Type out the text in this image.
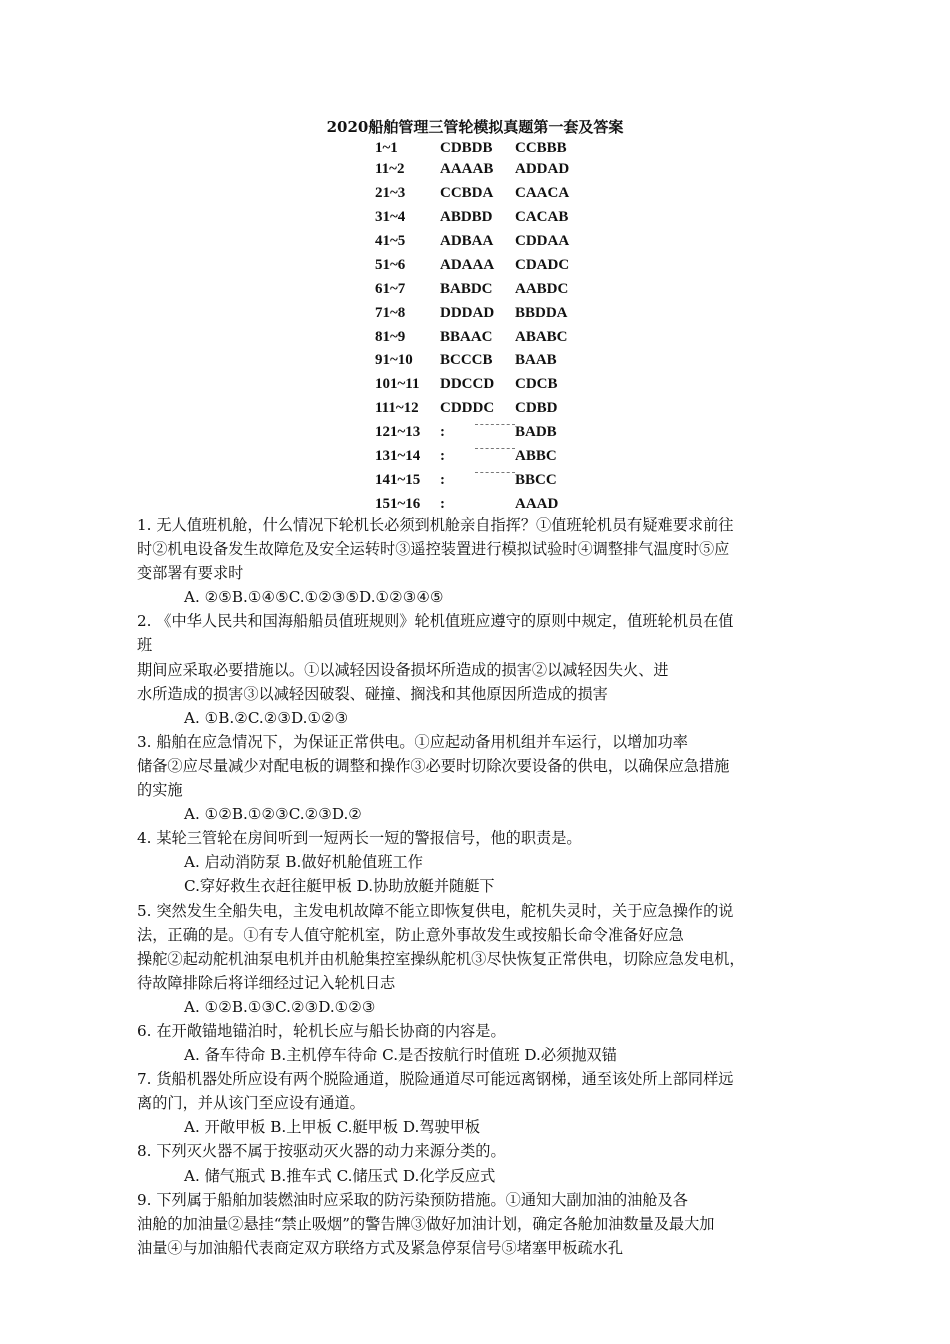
2020船舶管理三管轮模拟真题第一套及答案
1~1	CDBDB CCBBB
11~2 AAAAB ADDAD
21~3 CCBDA CAACA
31~4 ABDBD CACAB
41~5 ADBAA CDDAA
51~6 ADAAA CDADC
61~7 BABDC AABDC
71~8 DDDAD BBDDA
81~9 BBAAC ABABC
91~10 BCCCB BAAB
101~11 DDCCD CDCB
111~12 CDDDC CDBD
121~13 :	BADB
131~14 :	ABBC
141~15 :	BBCC
151~16 :	AAAD
1. 无人值班机舱，什么情况下轮机长必须到机舱亲自指挥？①值班轮机员有疑难要求前往
时②机电设备发生故障危及安全运转时③遥控装置进行模拟试验时④调整排气温度时⑤应
变部署有要求时
A. ②⑤B.①④⑤C.①②③⑤D.①②③④⑤
2. 《中华人民共和国海船船员值班规则》轮机值班应遵守的原则中规定，值班轮机员在值
班
期间应采取必要措施以。①以减轻因设备损坏所造成的损害②以减轻因失火、进
水所造成的损害③以减轻因破裂、碰撞、搁浅和其他原因所造成的损害
A. ①B.②C.②③D.①②③
3. 船舶在应急情况下，为保证正常供电。①应起动备用机组并车运行，以增加功率
储备②应尽量减少对配电板的调整和操作③必要时切除次要设备的供电，以确保应急措施
的实施
A. ①②B.①②③C.②③D.②
4. 某轮三管轮在房间听到一短两长一短的警报信号，他的职责是。
A. 启动消防泵 B.做好机舱值班工作
C.穿好救生衣赶往艇甲板 D.协助放艇并随艇下
5. 突然发生全船失电，主发电机故障不能立即恢复供电，舵机失灵时，关于应急操作的说
法，正确的是。①有专人值守舵机室，防止意外事故发生或按船长命令准备好应急
操舵②起动舵机油泵电机并由机舱集控室操纵舵机③尽快恢复正常供电，切除应急发电机，
待故障排除后将详细经过记入轮机日志
A. ①②B.①③C.②③D.①②③
6. 在开敞锚地锚泊时，轮机长应与船长协商的内容是。
A. 备车待命 B.主机停车待命 C.是否按航行时值班 D.必须抛双锚
7. 货船机器处所应设有两个脱险通道，脱险通道尽可能远离钢梯，通至该处所上部同样远
离的门，并从该门至应设有通道。
A. 开敞甲板 B.上甲板 C.艇甲板 D.驾驶甲板
8. 下列灭火器不属于按驱动灭火器的动力来源分类的。
A. 储气瓶式 B.推车式 C.储压式 D.化学反应式
9. 下列属于船舶加装燃油时应采取的防污染预防措施。①通知大副加油的油舱及各
油舱的加油量②悬挂“禁止吸烟”的警告牌③做好加油计划，确定各舱加油数量及最大加
油量④与加油船代表商定双方联络方式及紧急停泵信号⑤堵塞甲板疏水孔
